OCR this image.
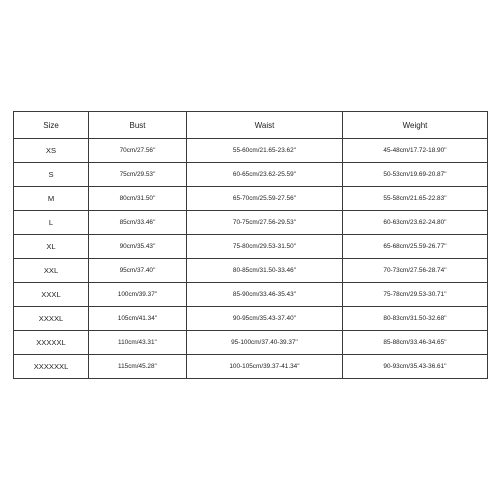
Size	Bust	Waist	Weight
XS	70cm/27.56''	55-60cm/21.65-23.62''	45-48cm/17.72-18.90''
S	75cm/29.53''	60-65cm/23.62-25.59''	50-53cm/19.69-20.87''
M	80cm/31.50''	65-70cm/25.59-27.56''	55-58cm/21.65-22.83''
L	85cm/33.46''	70-75cm/27.56-29.53''	60-63cm/23.62-24.80''
XL	90cm/35.43''	75-80cm/29.53-31.50''	65-68cm/25.59-26.77''
XXL	95cm/37.40''	80-85cm/31.50-33.46''	70-73cm/27.56-28.74''
XXXL	100cm/39.37''	85-90cm/33.46-35.43''	75-78cm/29.53-30.71''
XXXXL	105cm/41.34''	90-95cm/35.43-37.40''	80-83cm/31.50-32.68''
XXXXXL	110cm/43.31''	95-100cm/37.40-39.37''	85-88cm/33.46-34.65''
XXXXXXL	115cm/45.28''	100-105cm/39.37-41.34''	90-93cm/35.43-36.61''
